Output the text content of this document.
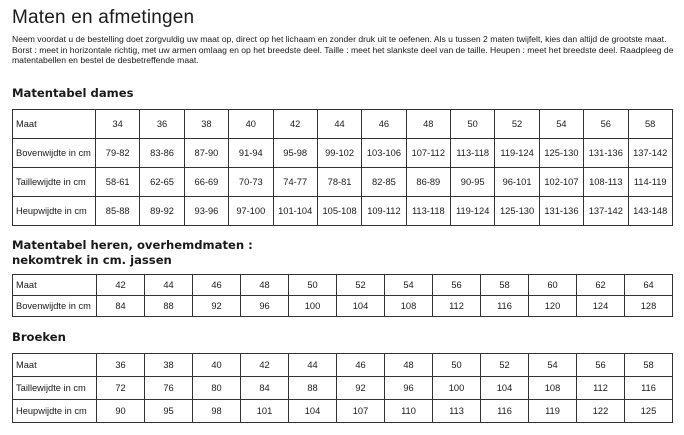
Maten en afmetingen

Neem voordat u de bestelling doet zorgvuldig uw maat op, direct op het lichaam en zonder druk uit te oefenen. Als u tussen 2 maten twijfelt, kies dan altijd de grootste maat. Borst : meet in horizontale richtig, met uw armen omlaag en op het breedste deel. Taille : meet het slankste deel van de taille. Heupen : meet het breedste deel. Raadpleeg de matentabellen en bestel de desbetreffende maat.

Matentabel dames
Maat	34	36	38	40	42	44	46	48	50	52	54	56	58
Bovenwijdte in cm	79-82	83-86	87-90	91-94	95-98	99-102	103-106	107-112	113-118	119-124	125-130	131-136	137-142
Taillewijdte in cm	58-61	62-65	66-69	70-73	74-77	78-81	82-85	86-89	90-95	96-101	102-107	108-113	114-119
Heupwijdte in cm	85-88	89-92	93-96	97-100	101-104	105-108	109-112	113-118	119-124	125-130	131-136	137-142	143-148
Matentabel heren, overhemdmaten :
nekomtrek in cm. jassen
Maat	42	44	46	48	50	52	54	56	58	60	62	64
Bovenwijdte in cm	84	88	92	96	100	104	108	112	116	120	124	128
Broeken
Maat	36	38	40	42	44	46	48	50	52	54	56	58
Taillewijdte in cm	72	76	80	84	88	92	96	100	104	108	112	116
Heupwijdte in cm	90	95	98	101	104	107	110	113	116	119	122	125
